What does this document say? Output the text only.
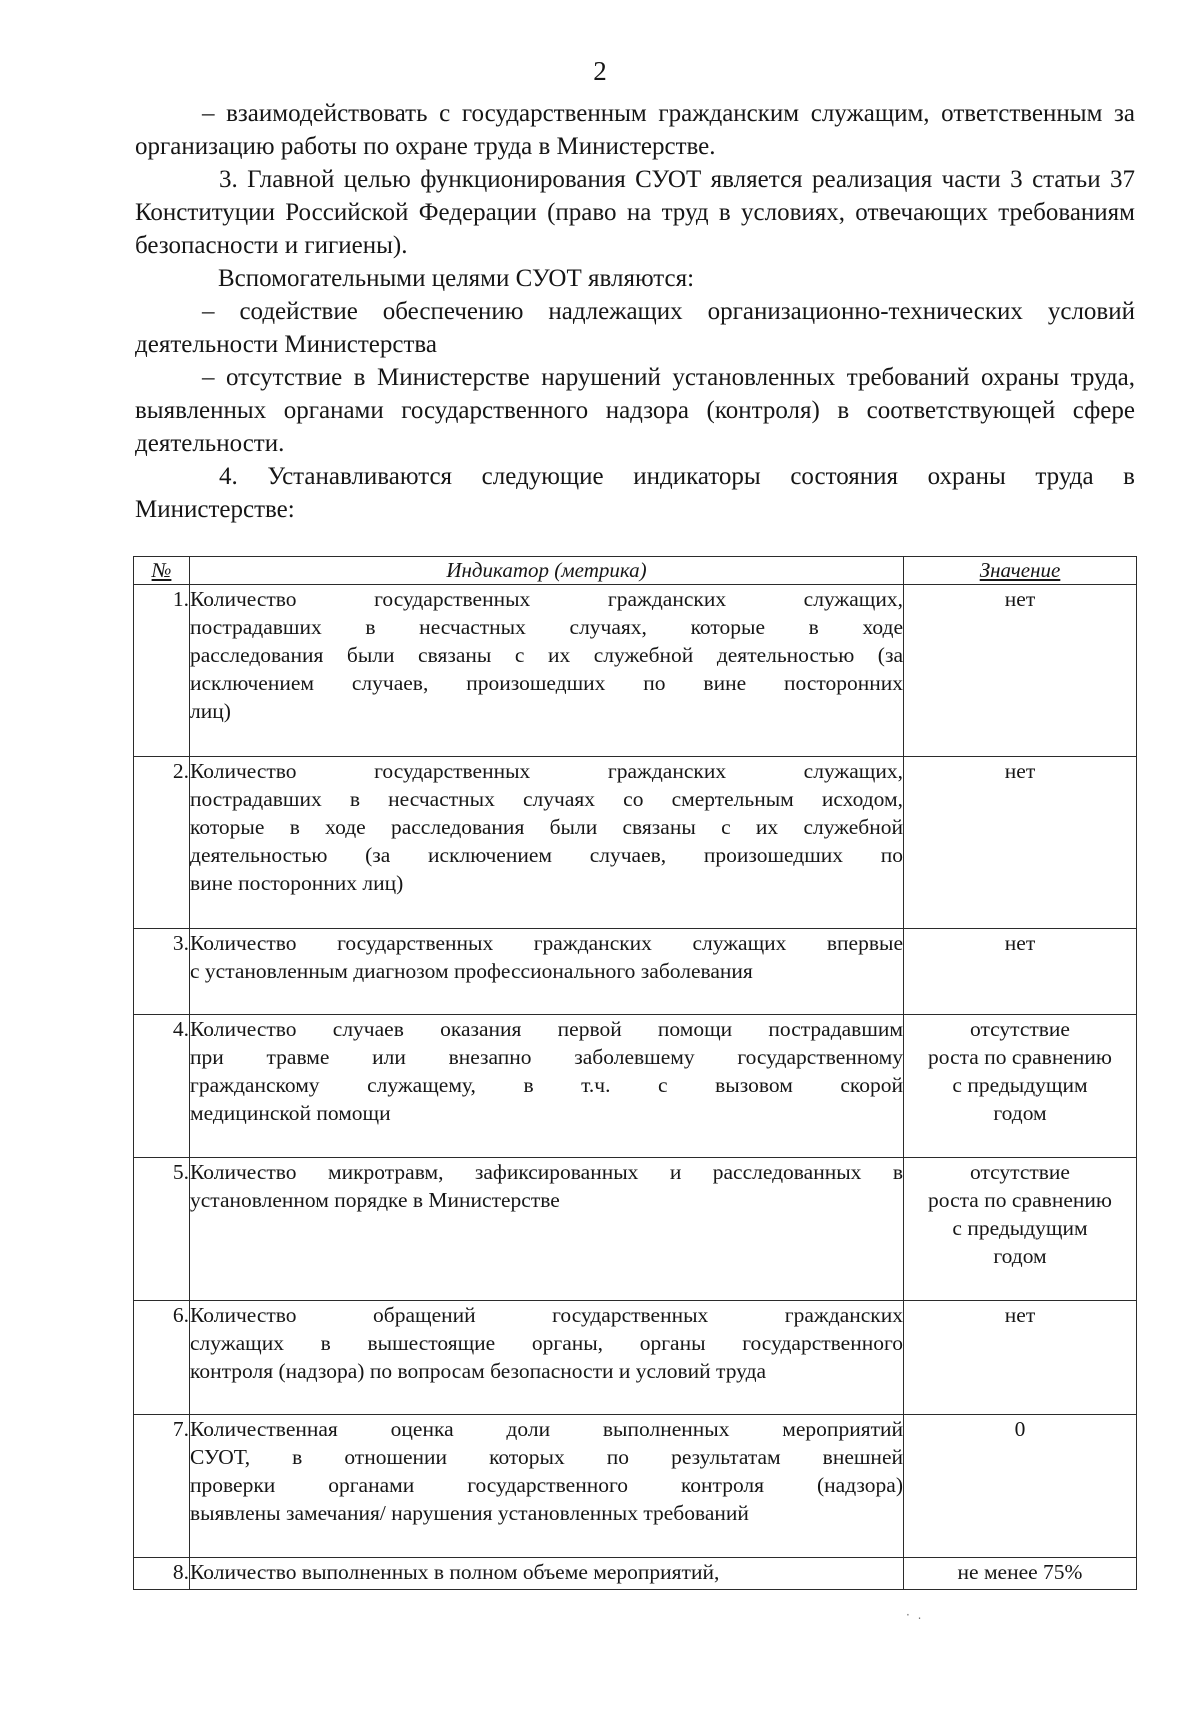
2

– взаимодействовать с государственным гражданским служащим, ответственным за организацию работы по охране труда в Министерстве.

3. Главной целью функционирования СУОТ является реализация части 3 статьи 37 Конституции Российской Федерации (право на труд в условиях, отвечающих требованиям безопасности и гигиены).

Вспомогательными целями СУОТ являются:

– содействие обеспечению надлежащих организационно-технических условий деятельности Министерства

– отсутствие в Министерстве нарушений установленных требований охраны труда, выявленных органами государственного надзора (контроля) в соответствующей сфере деятельности.

4. Устанавливаются следующие индикаторы состояния охраны труда в Министерстве:

№	Индикатор (метрика)	Значение
1.	Количество государственных гражданских служащих,
пострадавших в несчастных случаях, которые в ходе
расследования были связаны с их служебной деятельностью (за
исключением случаев, произошедших по вине посторонних
лиц)	нет

2.	Количество государственных гражданских служащих,
пострадавших в несчастных случаях со смертельным исходом,
которые в ходе расследования были связаны с их служебной
деятельностью (за исключением случаев, произошедших по
вине посторонних лиц)	нет

3.	Количество государственных гражданских служащих впервые
с установленным диагнозом профессионального заболевания	нет

4.	Количество случаев оказания первой помощи пострадавшим
при травме или внезапно заболевшему государственному
гражданскому служащему, в т.ч. с вызовом скорой
медицинской помощи	отсутствие
роста по сравнению
с предыдущим
годом

5.	Количество микротравм, зафиксированных и расследованных в
установленном порядке в Министерстве	отсутствие
роста по сравнению
с предыдущим
годом

6.	Количество обращений государственных гражданских
служащих в вышестоящие органы, органы государственного
контроля (надзора) по вопросам безопасности и условий труда	нет

7.	Количественная оценка доли выполненных мероприятий
СУОТ, в отношении которых по результатам внешней
проверки органами государственного контроля (надзора)
выявлены замечания/ нарушения установленных требований	0

8.	Количество выполненных в полном объеме мероприятий,	не менее 75%
· .
